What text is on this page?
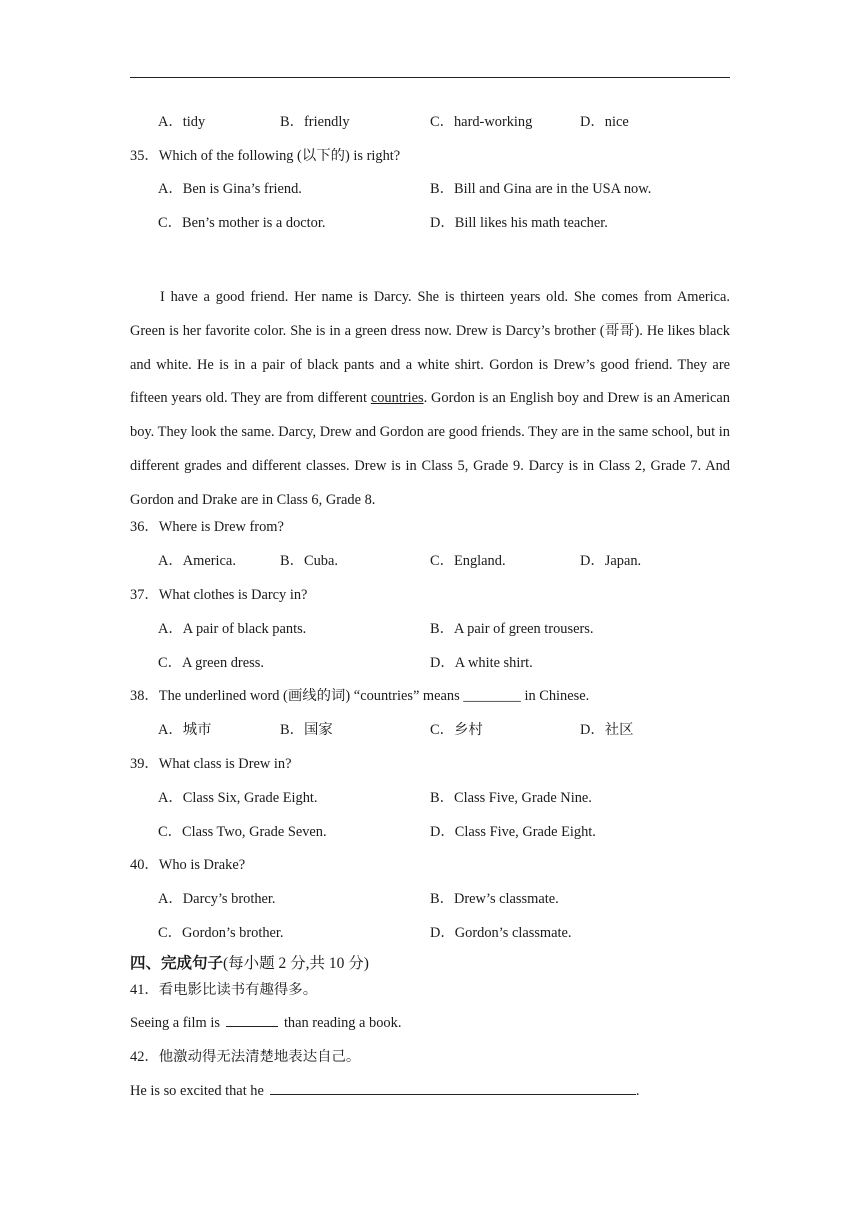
A．tidy	B．friendly	C．hard-working	D．nice
35．Which of the following (以下的) is right?
A．Ben is Gina’s friend.	B．Bill and Gina are in the USA now.
C．Ben’s mother is a doctor.	D．Bill likes his math teacher.
I have a good friend. Her name is Darcy. She is thirteen years old. She comes from America. Green is her favorite color. She is in a green dress now. Drew is Darcy’s brother (哥哥). He likes black and white. He is in a pair of black pants and a white shirt. Gordon is Drew’s good friend. They are fifteen years old. They are from different countries. Gordon is an English boy and Drew is an American boy. They look the same. Darcy, Drew and Gordon are good friends. They are in the same school, but in different grades and different classes. Drew is in Class 5, Grade 9. Darcy is in Class 2, Grade 7. And Gordon and Drake are in Class 6, Grade 8.
36．Where is Drew from?
A．America.	B．Cuba.	C．England.	D．Japan.
37．What clothes is Darcy in?
A．A pair of black pants.	B．A pair of green trousers.
C．A green dress.	D．A white shirt.
38．The underlined word (画线的词) “countries” means ________ in Chinese.
A．城市	B．国家	C．乡村	D．社区
39．What class is Drew in?
A．Class Six, Grade Eight.	B．Class Five, Grade Nine.
C．Class Two, Grade Seven.	D．Class Five, Grade Eight.
40．Who is Drake?
A．Darcy’s brother.	B．Drew’s classmate.
C．Gordon’s brother.	D．Gordon’s classmate.
四、完成句子(每小题 2 分,共 10 分)
41．看电影比读书有趣得多。
Seeing a film is	than reading a book.
42．他激动得无法清楚地表达自己。
He is so excited that he	.
